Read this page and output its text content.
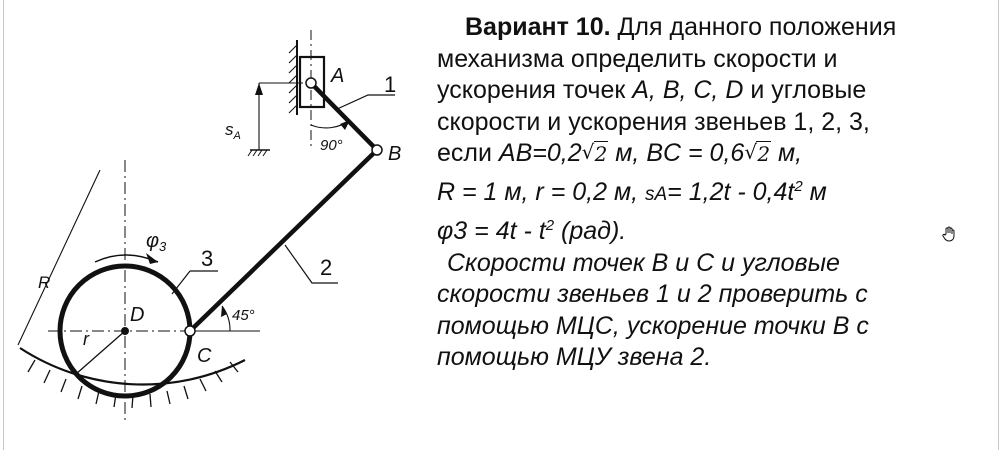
R
r
D
$\varphi_3$ 3	2
45°
C
1
A
90° B
$s_A$
Вариант 10. Для данного положения
механизма определить скорости и
ускорения точек A, B, C, D и угловые
скорости и ускорения звеньев 1, 2, 3,
если AB=0,2 √ 2 м, BC = 0,6 √ 2 м,
R = 1 м, r = 0,2 м, $sA= 1,2t - 0,4t^2$ м
$\varphi 3 = 4t - t^2$ (рад).
Скорости точек B и C и угловые
скорости звеньев 1 и 2 проверить с
помощью МЦС, ускорение точки B с
помощью МЦУ звена 2.
